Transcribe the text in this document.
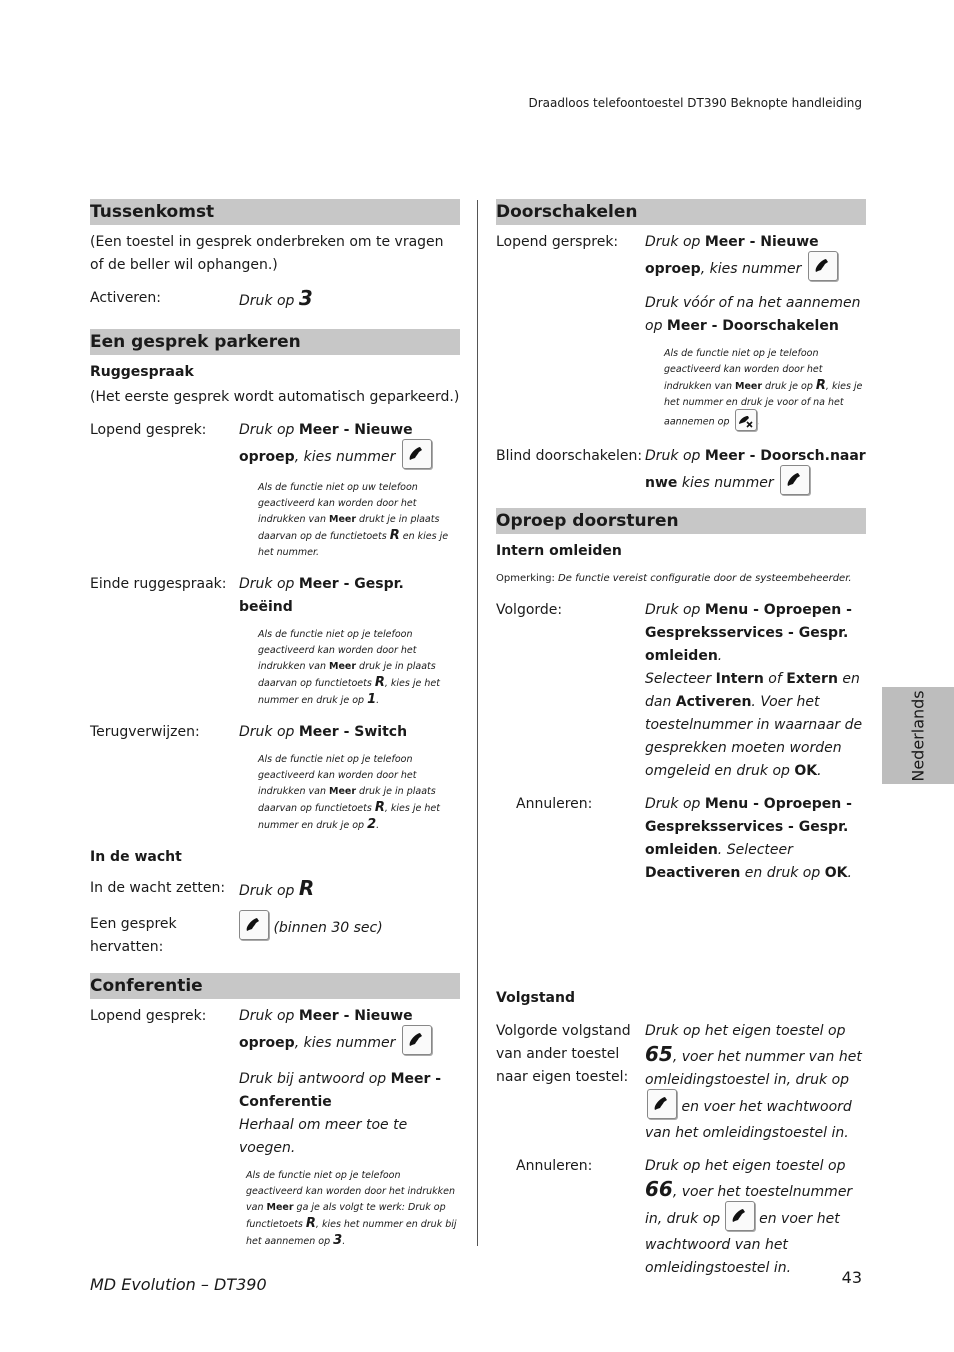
Draadloos telefoontoestel DT390 Beknopte handleiding
Nederlands
Tussenkomst
(Een toestel in gesprek onderbreken om te vragen of de beller wil ophangen.)
Activeren:	Druk op 3
Een gesprek parkeren
Ruggespraak
(Het eerste gesprek wordt automatisch geparkeerd.)
Lopend gesprek:	Druk op Meer - Nieuwe oproep, kies nummer
Als de functie niet op uw telefoon geactiveerd kan worden door het indrukken van Meer drukt je in plaats daarvan op de functietoets R en kies je het nummer.
Einde ruggespraak: Druk op Meer - Gespr. beëind
Als de functie niet op je telefoon geactiveerd kan worden door het indrukken van Meer druk je in plaats daarvan op functietoets R, kies je het nummer en druk je op 1.
Terugverwijzen:	Druk op Meer - Switch
Als de functie niet op je telefoon geactiveerd kan worden door het indrukken van Meer druk je in plaats daarvan op functietoets R, kies je het nummer en druk je op 2.
In de wacht
In de wacht zetten: Druk op R
Een gesprek hervatten:
(binnen 30 sec)
Conferentie
Lopend gesprek:	Druk op Meer - Nieuwe oproep, kies nummer
Druk bij antwoord op Meer - Conferentie
Herhaal om meer toe te voegen.
Als de functie niet op je telefoon geactiveerd kan worden door het indrukken van Meer ga je als volgt te werk: Druk op functietoets R, kies het nummer en druk bij het aannemen op 3.
Doorschakelen
Lopend gersprek:	Druk op Meer - Nieuwe oproep, kies nummer
Druk vóór of na het aannemen op Meer - Doorschakelen
Als de functie niet op je telefoon geactiveerd kan worden door het indrukken van Meer druk je op R, kies je het nummer en druk je voor of na het aannemen op	.
Blind doorschakelen: Druk op Meer - Doorsch.naar nwe kies nummer
Oproep doorsturen
Intern omleiden
Opmerking: De functie vereist configuratie door de systeembeheerder.
Volgorde:	Druk op Menu - Oproepen - Gespreksservices - Gespr. omleiden.
Selecteer Intern of Extern en dan Activeren. Voer het toestelnummer in waarnaar de gesprekken moeten worden omgeleid en druk op OK.
Annuleren:	Druk op Menu - Oproepen - Gespreksservices - Gespr. omleiden. Selecteer Deactiveren en druk op OK.
Volgstand
Volgorde volgstand van ander toestel naar eigen toestel:
Druk op het eigen toestel op 65, voer het nummer van het omleidingstoestel in, druk op
en voer het wachtwoord van het omleidingstoestel in.
Annuleren:	Druk op het eigen toestel op 66, voer het toestelnummer in, druk op
en voer het wachtwoord van het omleidingstoestel in.
MD Evolution – DT390	43
